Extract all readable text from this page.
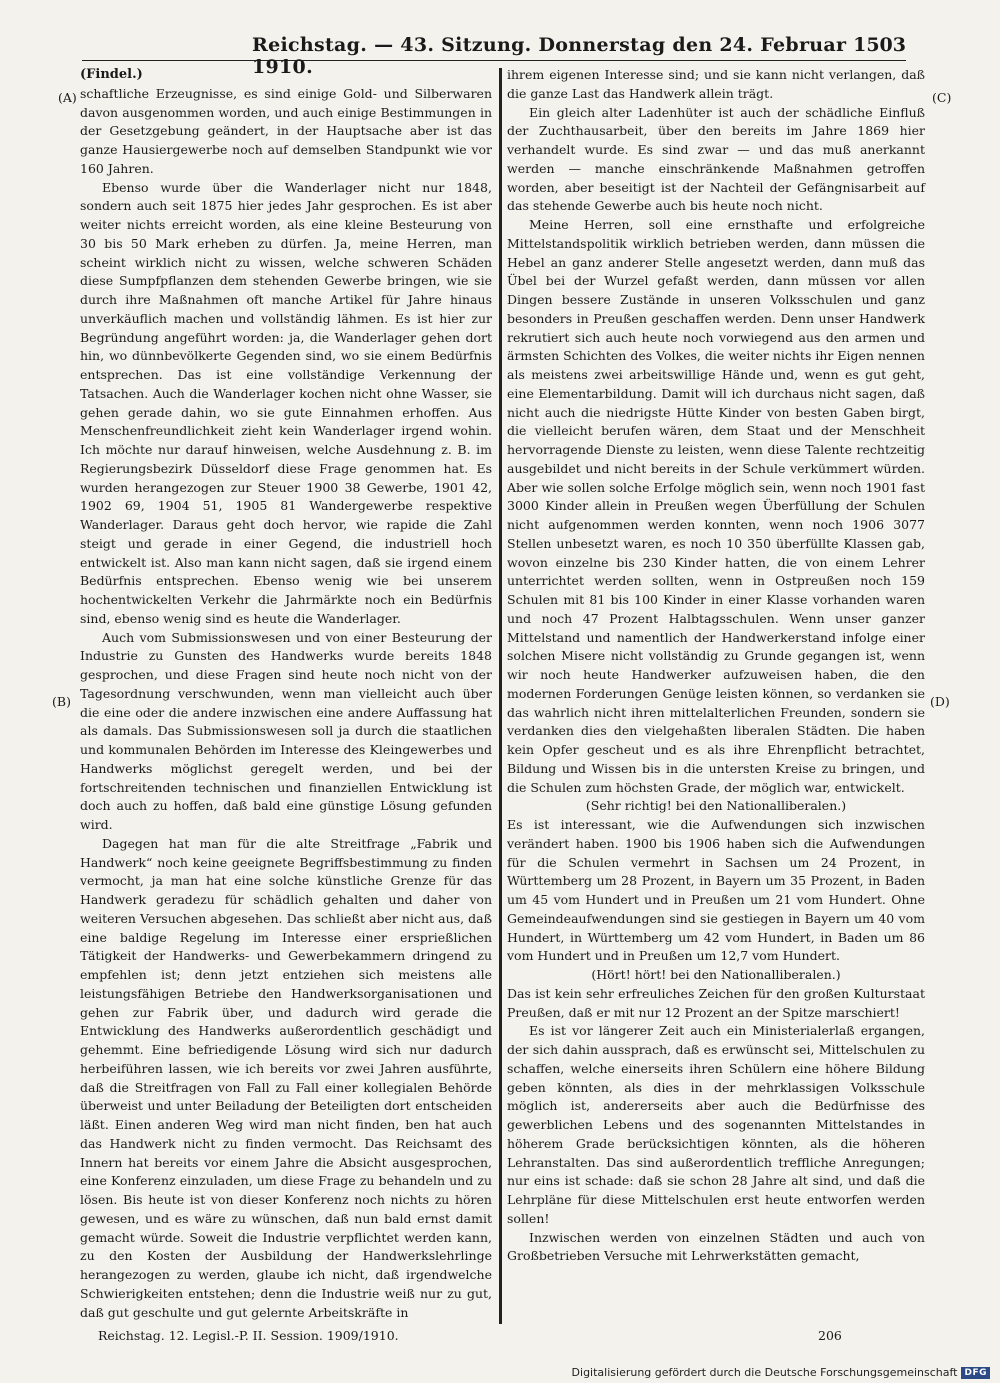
Reichstag. — 43. Sitzung. Donnerstag den 24. Februar 1910.
1503
(A)
(B)
(C)
(D)

(Findel.)

schaftliche Erzeugnisse, es sind einige Gold- und Silberwaren davon ausgenommen worden, und auch einige Bestimmungen in der Gesetzgebung geändert, in der Hauptsache aber ist das ganze Hausiergewerbe noch auf demselben Standpunkt wie vor 160 Jahren.

Ebenso wurde über die Wanderlager nicht nur 1848, sondern auch seit 1875 hier jedes Jahr gesprochen. Es ist aber weiter nichts erreicht worden, als eine kleine Besteurung von 30 bis 50 Mark erheben zu dürfen. Ja, meine Herren, man scheint wirklich nicht zu wissen, welche schweren Schäden diese Sumpfpflanzen dem stehenden Gewerbe bringen, wie sie durch ihre Maßnahmen oft manche Artikel für Jahre hinaus unverkäuflich machen und vollständig lähmen. Es ist hier zur Begründung angeführt worden: ja, die Wanderlager gehen dort hin, wo dünnbevölkerte Gegenden sind, wo sie einem Bedürfnis entsprechen. Das ist eine vollständige Verkennung der Tatsachen. Auch die Wanderlager kochen nicht ohne Wasser, sie gehen gerade dahin, wo sie gute Einnahmen erhoffen. Aus Menschenfreundlichkeit zieht kein Wanderlager irgend wohin. Ich möchte nur darauf hinweisen, welche Ausdehnung z. B. im Regierungsbezirk Düsseldorf diese Frage genommen hat. Es wurden herangezogen zur Steuer 1900 38 Gewerbe, 1901 42, 1902 69, 1904 51, 1905 81 Wandergewerbe respektive Wanderlager. Daraus geht doch hervor, wie rapide die Zahl steigt und gerade in einer Gegend, die industriell hoch entwickelt ist. Also man kann nicht sagen, daß sie irgend einem Bedürfnis entsprechen. Ebenso wenig wie bei unserem hochentwickelten Verkehr die Jahrmärkte noch ein Bedürfnis sind, ebenso wenig sind es heute die Wanderlager.

Auch vom Submissionswesen und von einer Besteurung der Industrie zu Gunsten des Handwerks wurde bereits 1848 gesprochen, und diese Fragen sind heute noch nicht von der Tagesordnung verschwunden, wenn man vielleicht auch über die eine oder die andere inzwischen eine andere Auffassung hat als damals. Das Submissionswesen soll ja durch die staatlichen und kommunalen Behörden im Interesse des Kleingewerbes und Handwerks möglichst geregelt werden, und bei der fortschreitenden technischen und finanziellen Entwicklung ist doch auch zu hoffen, daß bald eine günstige Lösung gefunden wird.

Dagegen hat man für die alte Streitfrage „Fabrik und Handwerk“ noch keine geeignete Begriffsbestimmung zu finden vermocht, ja man hat eine solche künstliche Grenze für das Handwerk geradezu für schädlich gehalten und daher von weiteren Versuchen abgesehen. Das schließt aber nicht aus, daß eine baldige Regelung im Interesse einer ersprießlichen Tätigkeit der Handwerks- und Gewerbekammern dringend zu empfehlen ist; denn jetzt entziehen sich meistens alle leistungsfähigen Betriebe den Handwerksorganisationen und gehen zur Fabrik über, und dadurch wird gerade die Entwicklung des Handwerks außerordentlich geschädigt und gehemmt. Eine befriedigende Lösung wird sich nur dadurch herbeiführen lassen, wie ich bereits vor zwei Jahren ausführte, daß die Streitfragen von Fall zu Fall einer kollegialen Behörde überweist und unter Beiladung der Beteiligten dort entscheiden läßt. Einen anderen Weg wird man nicht finden, ben hat auch das Handwerk nicht zu finden vermocht. Das Reichsamt des Innern hat bereits vor einem Jahre die Absicht ausgesprochen, eine Konferenz einzuladen, um diese Frage zu behandeln und zu lösen. Bis heute ist von dieser Konferenz noch nichts zu hören gewesen, und es wäre zu wünschen, daß nun bald ernst damit gemacht würde. Soweit die Industrie verpflichtet werden kann, zu den Kosten der Ausbildung der Handwerkslehrlinge herangezogen zu werden, glaube ich nicht, daß irgendwelche Schwierigkeiten entstehen; denn die Industrie weiß nur zu gut, daß gut geschulte und gut gelernte Arbeitskräfte in

ihrem eigenen Interesse sind; und sie kann nicht verlangen, daß die ganze Last das Handwerk allein trägt.

Ein gleich alter Ladenhüter ist auch der schädliche Einfluß der Zuchthausarbeit, über den bereits im Jahre 1869 hier verhandelt wurde. Es sind zwar — und das muß anerkannt werden — manche einschränkende Maßnahmen getroffen worden, aber beseitigt ist der Nachteil der Gefängnisarbeit auf das stehende Gewerbe auch bis heute noch nicht.

Meine Herren, soll eine ernsthafte und erfolgreiche Mittelstandspolitik wirklich betrieben werden, dann müssen die Hebel an ganz anderer Stelle angesetzt werden, dann muß das Übel bei der Wurzel gefaßt werden, dann müssen vor allen Dingen bessere Zustände in unseren Volksschulen und ganz besonders in Preußen geschaffen werden. Denn unser Handwerk rekrutiert sich auch heute noch vorwiegend aus den armen und ärmsten Schichten des Volkes, die weiter nichts ihr Eigen nennen als meistens zwei arbeitswillige Hände und, wenn es gut geht, eine Elementarbildung. Damit will ich durchaus nicht sagen, daß nicht auch die niedrigste Hütte Kinder von besten Gaben birgt, die vielleicht berufen wären, dem Staat und der Menschheit hervorragende Dienste zu leisten, wenn diese Talente rechtzeitig ausgebildet und nicht bereits in der Schule verkümmert würden. Aber wie sollen solche Erfolge möglich sein, wenn noch 1901 fast 3000 Kinder allein in Preußen wegen Überfüllung der Schulen nicht aufgenommen werden konnten, wenn noch 1906 3077 Stellen unbesetzt waren, es noch 10 350 überfüllte Klassen gab, wovon einzelne bis 230 Kinder hatten, die von einem Lehrer unterrichtet werden sollten, wenn in Ostpreußen noch 159 Schulen mit 81 bis 100 Kinder in einer Klasse vorhanden waren und noch 47 Prozent Halbtagsschulen. Wenn unser ganzer Mittelstand und namentlich der Handwerkerstand infolge einer solchen Misere nicht vollständig zu Grunde gegangen ist, wenn wir noch heute Handwerker aufzuweisen haben, die den modernen Forderungen Genüge leisten können, so verdanken sie das wahrlich nicht ihren mittelalterlichen Freunden, sondern sie verdanken dies den vielgehaßten liberalen Städten. Die haben kein Opfer gescheut und es als ihre Ehrenpflicht betrachtet, Bildung und Wissen bis in die untersten Kreise zu bringen, und die Schulen zum höchsten Grade, der möglich war, entwickelt.

(Sehr richtig! bei den Nationalliberalen.)

Es ist interessant, wie die Aufwendungen sich inzwischen verändert haben. 1900 bis 1906 haben sich die Aufwendungen für die Schulen vermehrt in Sachsen um 24 Prozent, in Württemberg um 28 Prozent, in Bayern um 35 Prozent, in Baden um 45 vom Hundert und in Preußen um 21 vom Hundert. Ohne Gemeindeaufwendungen sind sie gestiegen in Bayern um 40 vom Hundert, in Württemberg um 42 vom Hundert, in Baden um 86 vom Hundert und in Preußen um 12,7 vom Hundert.

(Hört! hört! bei den Nationalliberalen.)

Das ist kein sehr erfreuliches Zeichen für den großen Kulturstaat Preußen, daß er mit nur 12 Prozent an der Spitze marschiert!

Es ist vor längerer Zeit auch ein Ministerialerlaß ergangen, der sich dahin aussprach, daß es erwünscht sei, Mittelschulen zu schaffen, welche einerseits ihren Schülern eine höhere Bildung geben könnten, als dies in der mehrklassigen Volksschule möglich ist, andererseits aber auch die Bedürfnisse des gewerblichen Lebens und des sogenannten Mittelstandes in höherem Grade berücksichtigen könnten, als die höheren Lehranstalten. Das sind außerordentlich treffliche Anregungen; nur eins ist schade: daß sie schon 28 Jahre alt sind, und daß die Lehrpläne für diese Mittelschulen erst heute entworfen werden sollen!

Inzwischen werden von einzelnen Städten und auch von Großbetrieben Versuche mit Lehrwerkstätten gemacht,

Reichstag. 12. Legisl.-P. II. Session. 1909/1910.	206
Digitalisierung gefördert durch die Deutsche Forschungsgemeinschaft DFG
